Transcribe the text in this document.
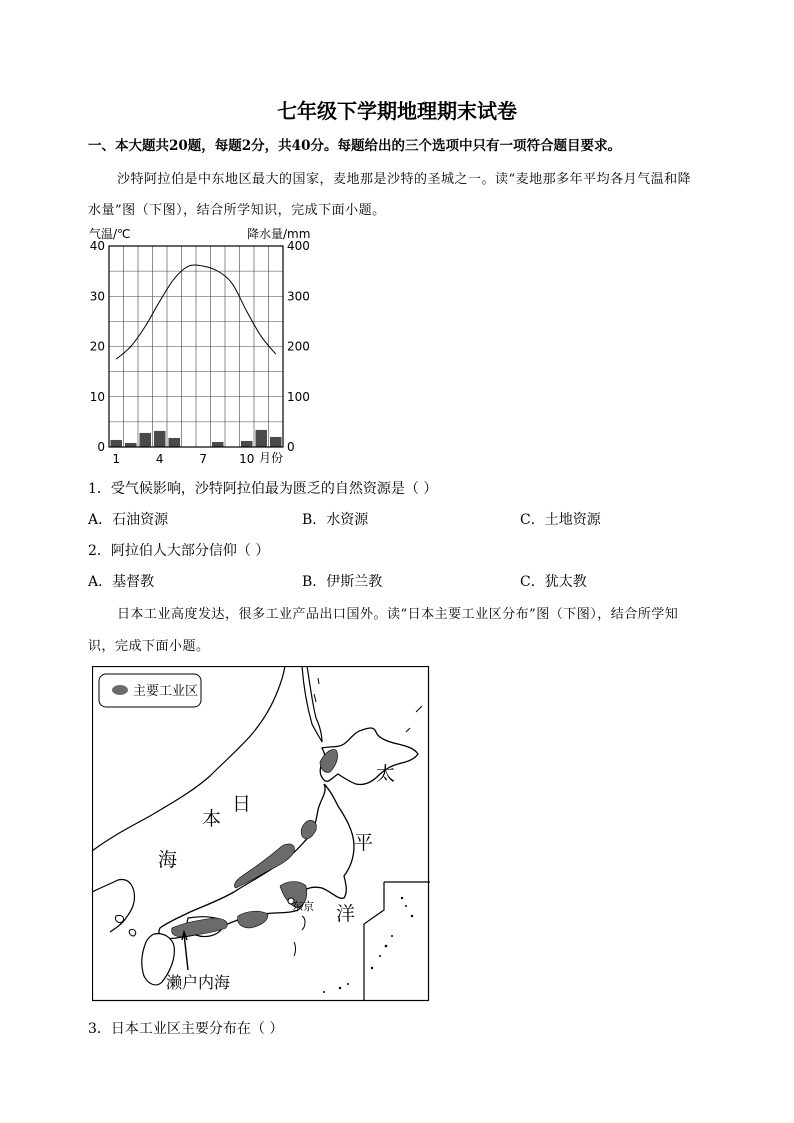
七年级下学期地理期末试卷
一、本大题共20题，每题2分，共40分。每题给出的三个选项中只有一项符合题目要求。
沙特阿拉伯是中东地区最大的国家，麦地那是沙特的圣城之一。读“麦地那多年平均各月气温和降
水量”图（下图），结合所学知识，完成下面小题。
气温/℃	降水量/mm
40
30
20
10
0
400
300
200
100
0
1	4	7	10 月份
1．受气候影响，沙特阿拉伯最为匮乏的自然资源是（ ）
A．石油资源	B．水资源	C．土地资源
2．阿拉伯人大部分信仰（ ）
A．基督教	B．伊斯兰教	C．犹太教
日本工业高度发达，很多工业产品出口国外。读“日本主要工业区分布”图（下图），结合所学知
识，完成下面小题。
主要工业区
东京
濑户内海
日
本
海
太
平
洋
3．日本工业区主要分布在（ ）
